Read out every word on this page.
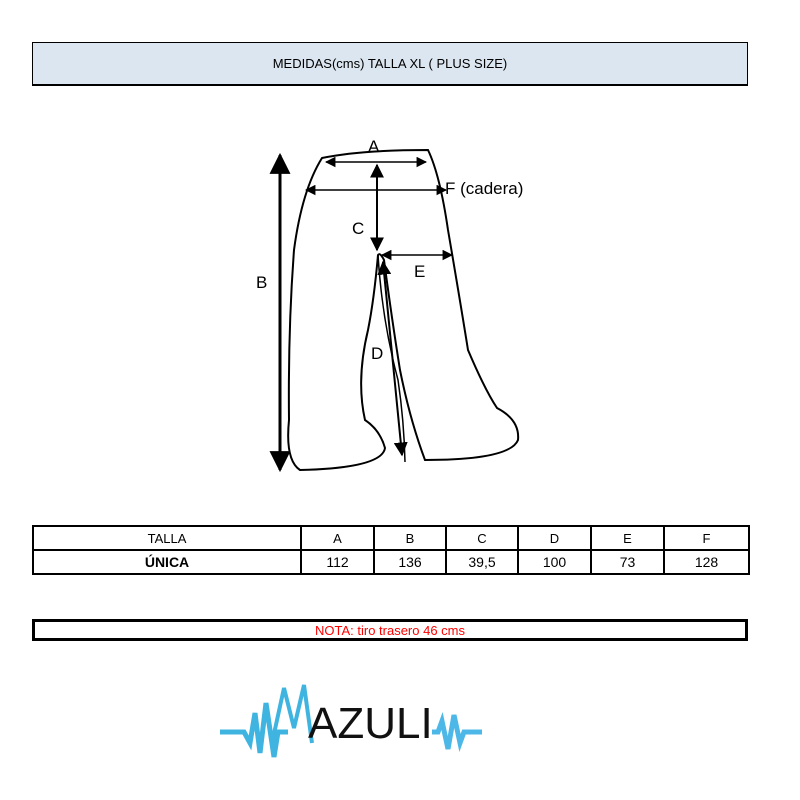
MEDIDAS(cms) TALLA XL ( PLUS SIZE)
A
F (cadera)
C
E
B
D
TALLA	A	B	C	D	E	F
ÚNICA	112	136	39,5	100	73	128
NOTA: tiro trasero 46 cms
AZULI
